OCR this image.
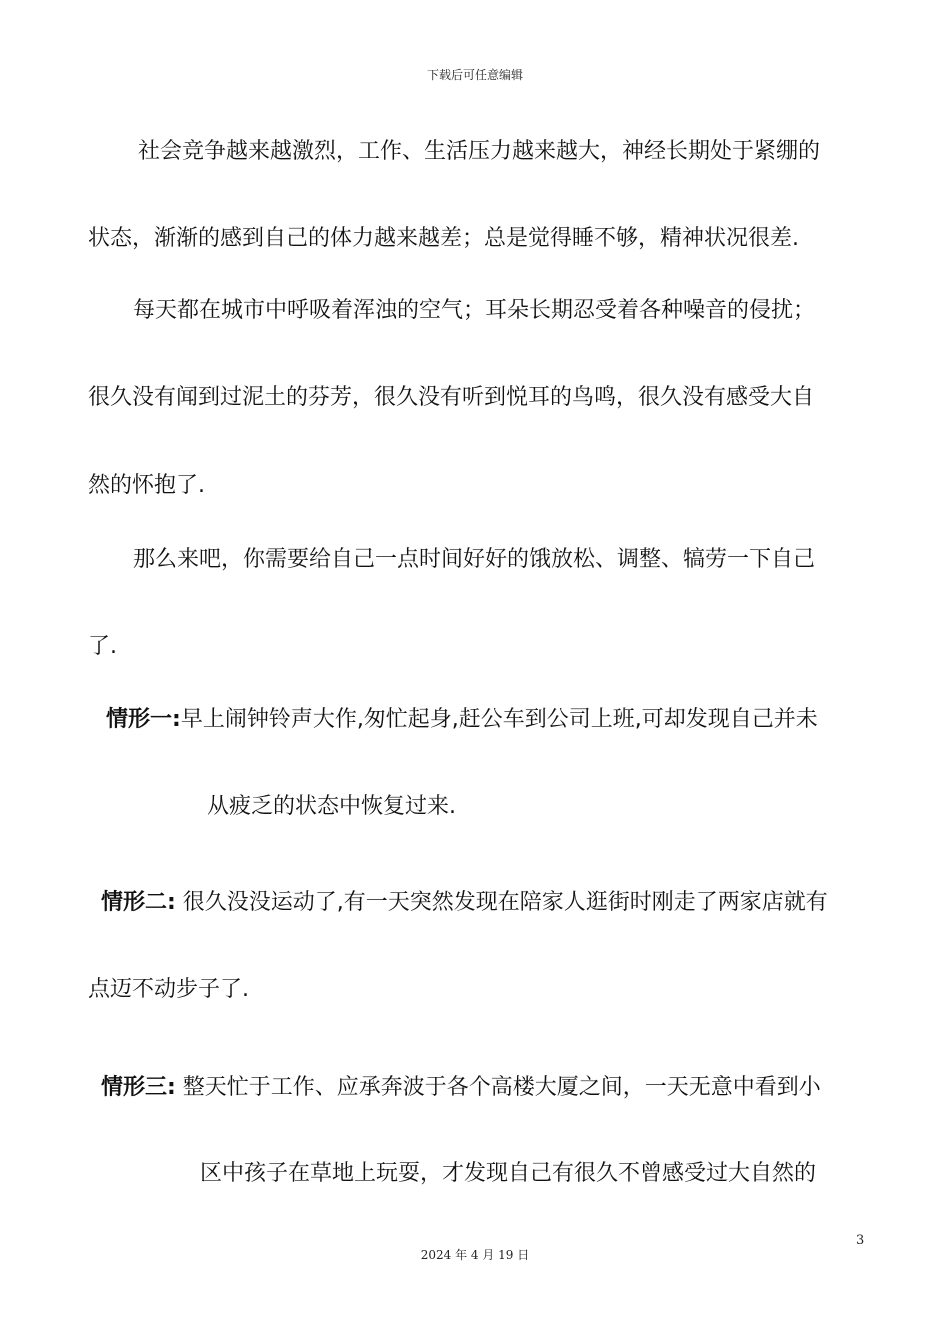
下载后可任意编辑
社会竞争越来越激烈，工作、生活压力越来越大，神经长期处于紧绷的
状态，渐渐的感到自己的体力越来越差；总是觉得睡不够，精神状况很差.
每天都在城市中呼吸着浑浊的空气；耳朵长期忍受着各种噪音的侵扰；
很久没有闻到过泥土的芬芳，很久没有听到悦耳的鸟鸣，很久没有感受大自
然的怀抱了.
那么来吧，你需要给自己一点时间好好的饿放松、调整、犒劳一下自己
了.
情形一:早上闹钟铃声大作,匆忙起身,赶公车到公司上班,可却发现自己并未
从疲乏的状态中恢复过来.
情形二: 很久没没运动了,有一天突然发现在陪家人逛街时刚走了两家店就有
点迈不动步子了.
情形三: 整天忙于工作、应承奔波于各个高楼大厦之间，一天无意中看到小
区中孩子在草地上玩耍，才发现自己有很久不曾感受过大自然的
3
2024 年 4 月 19 日
